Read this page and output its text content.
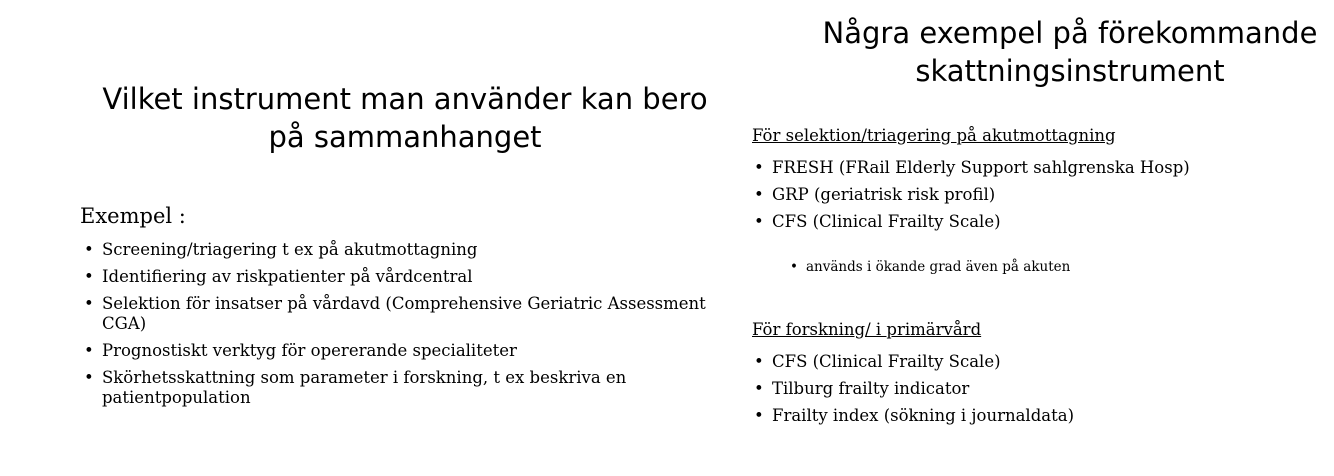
Vilket instrument man använder kan bero på sammanhanget
Exempel :
• Screening/triagering t ex på akutmottagning
• Identifiering av riskpatienter på vårdcentral
• Selektion för insatser på vårdavd (Comprehensive Geriatric Assessment CGA)
• Prognostiskt verktyg för opererande specialiteter
• Skörhetsskattning som parameter i forskning, t ex beskriva en patientpopulation
Några exempel på förekommande skattningsinstrument
För selektion/triagering på akutmottagning
• FRESH (FRail Elderly Support sahlgrenska Hosp)
• GRP (geriatrisk risk profil)
• CFS (Clinical Frailty Scale)
• används i ökande grad även på akuten
För forskning/ i primärvård
• CFS (Clinical Frailty Scale)
• Tilburg frailty indicator
• Frailty index (sökning i journaldata)
